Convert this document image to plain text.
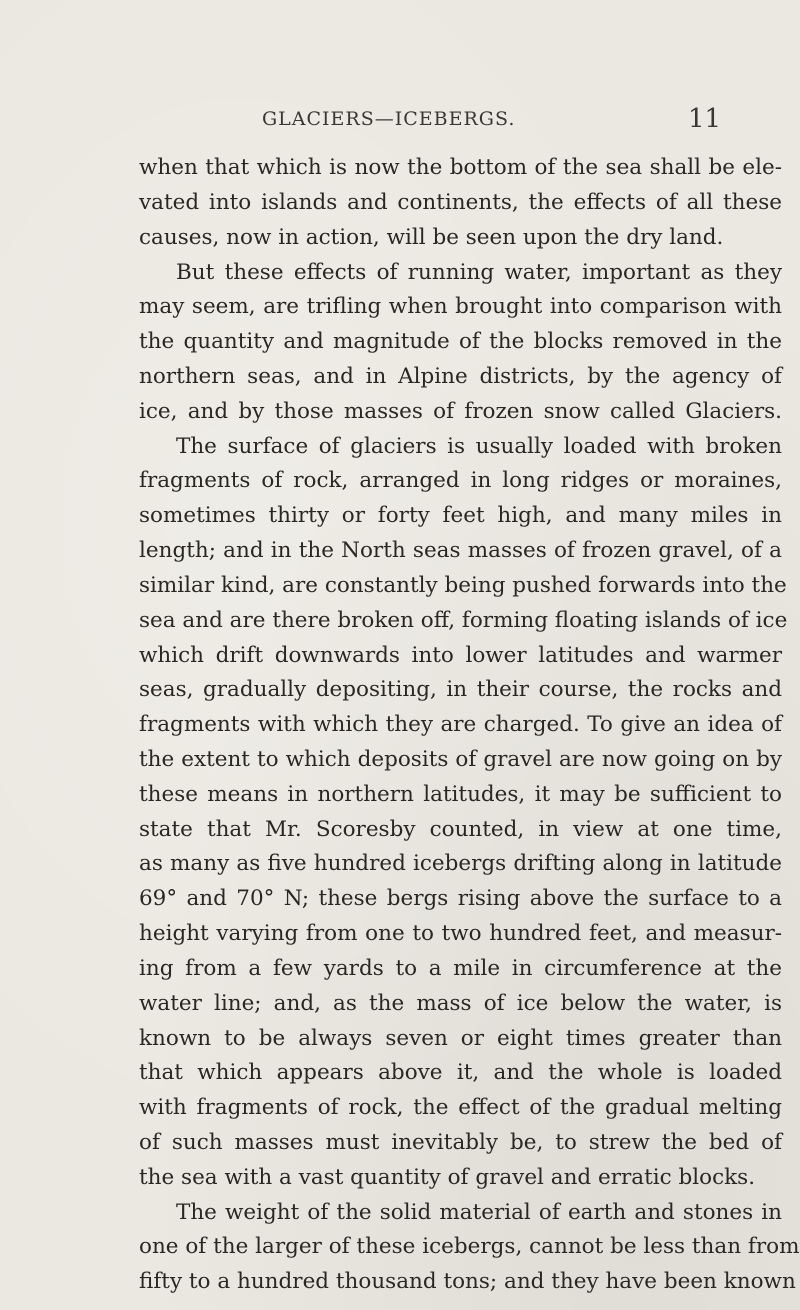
GLACIERS—ICEBERGS.	11
when that which is now the bottom of the sea shall be ele-
vated into islands and continents, the effects of all these
causes, now in action, will be seen upon the dry land.
But these effects of running water, important as they
may seem, are trifling when brought into comparison with
the quantity and magnitude of the blocks removed in the
northern seas, and in Alpine districts, by the agency of
ice, and by those masses of frozen snow called Glaciers.
The surface of glaciers is usually loaded with broken
fragments of rock, arranged in long ridges or moraines,
sometimes thirty or forty feet high, and many miles in
length; and in the North seas masses of frozen gravel, of a
similar kind, are constantly being pushed forwards into the
sea and are there broken off, forming floating islands of ice
which drift downwards into lower latitudes and warmer
seas, gradually depositing, in their course, the rocks and
fragments with which they are charged. To give an idea of
the extent to which deposits of gravel are now going on by
these means in northern latitudes, it may be sufficient to
state that Mr. Scoresby counted, in view at one time,
as many as five hundred icebergs drifting along in latitude
69° and 70° N; these bergs rising above the surface to a
height varying from one to two hundred feet, and measur-
ing from a few yards to a mile in circumference at the
water line; and, as the mass of ice below the water, is
known to be always seven or eight times greater than
that which appears above it, and the whole is loaded
with fragments of rock, the effect of the gradual melting
of such masses must inevitably be, to strew the bed of
the sea with a vast quantity of gravel and erratic blocks.
The weight of the solid material of earth and stones in
one of the larger of these icebergs, cannot be less than from
fifty to a hundred thousand tons; and they have been known
